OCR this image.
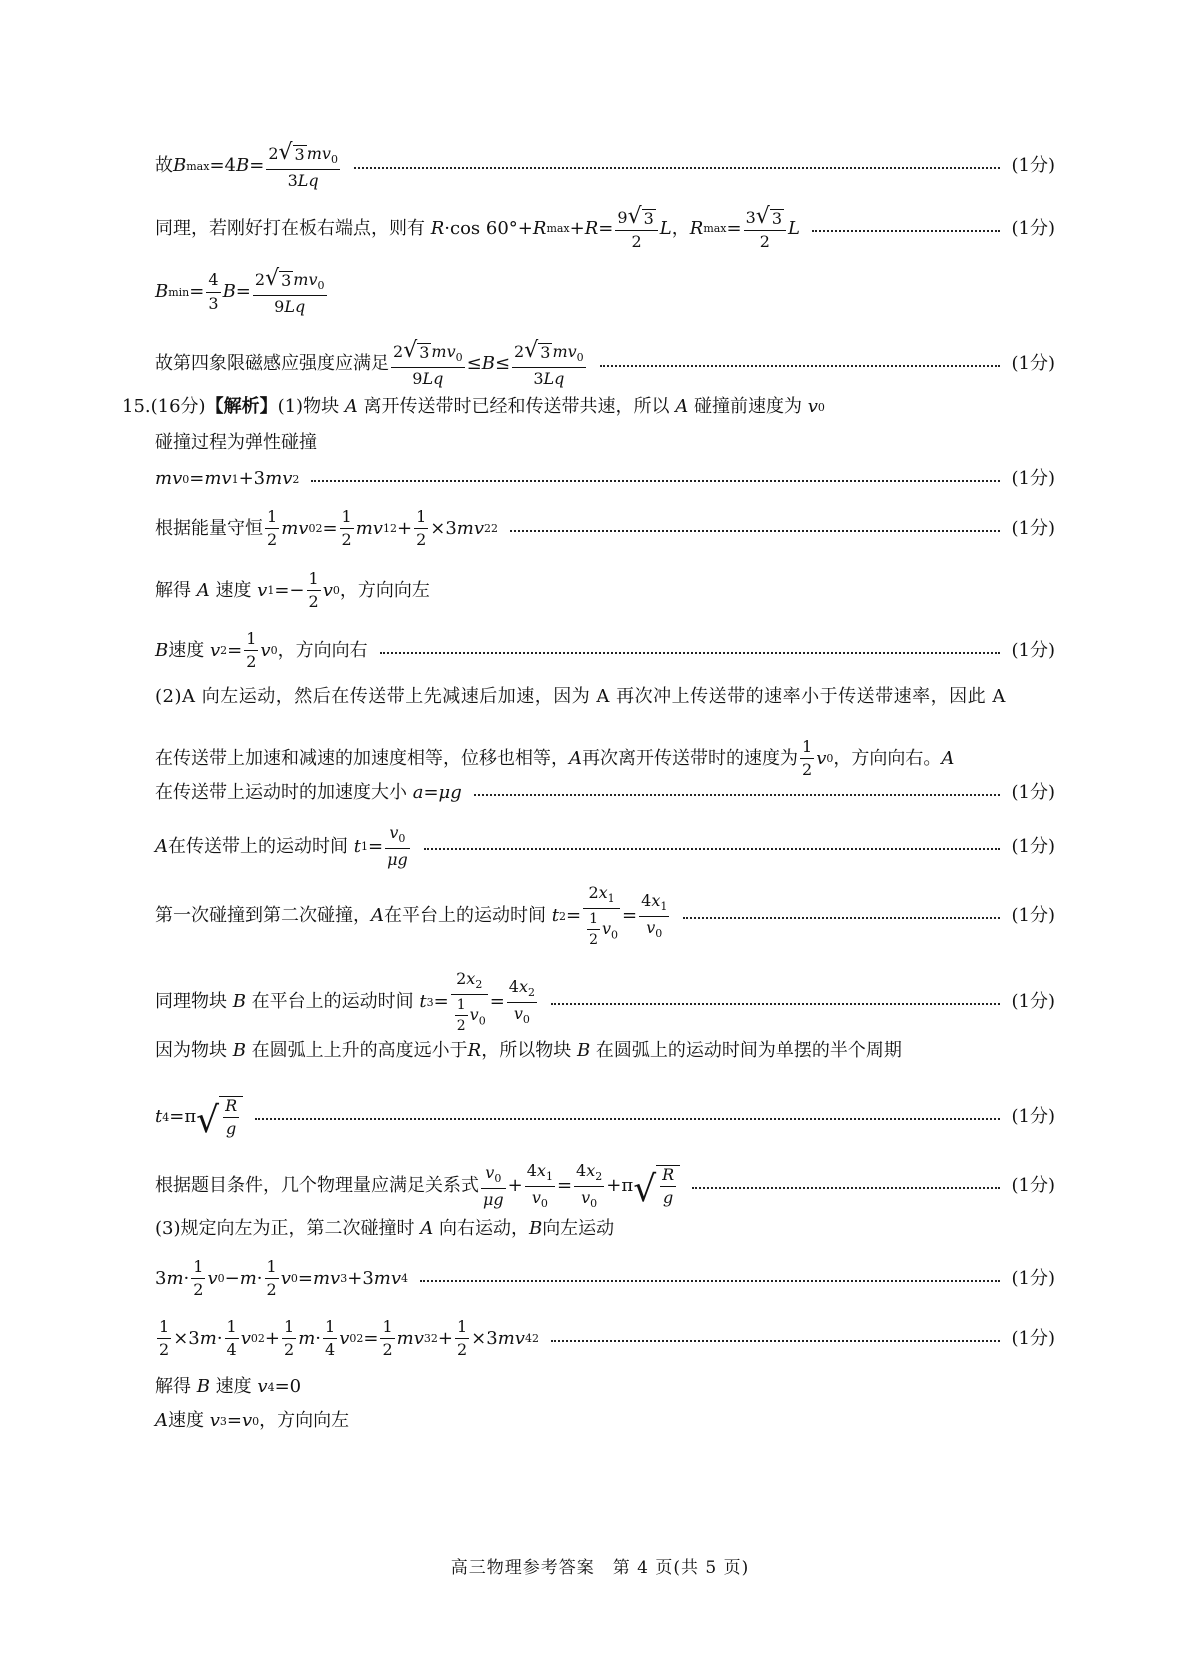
故 B max =4 $B = \frac{2 √ 3 mv_0}{3Lq}$	(1分)
同理，若刚好打在板右端点，则有 R ·cos 60°+ R $\max + R = \frac{9 √ 3}{2}$ L ， R $\max = \frac{3 √ 3}{2}$ L	(1分)
B $\min = \frac{4}{3}$ $B = \frac{2 √ 3 mv_0}{9Lq}$
故第四象限磁感应强度应满足 $\frac{2 √ 3 mv_0}{9Lq} \le B \le \frac{2 √ 3 mv_0}{3Lq}$	(1分)
15.(16分) 【解析】 (1)物块 A 离开传送带时已经和传送带共速，所以 A 碰撞前速度为 v 0
碰撞过程为弹性碰撞
mv 0 = mv 1 +3 mv 2	(1分)
根据能量守恒 $\frac{1}{2}$ mv 0 $2 = \frac{1}{2}$ mv 1 $2 + \frac{1}{2} \times 3$ mv 2 2	(1分)
解得 A 速度 v $1 =- \frac{1}{2}$ v 0 ，方向向左
B 速度 v $2 = \frac{1}{2}$ v 0 ，方向向右	(1分)
(2)A 向左运动，然后在传送带上先减速后加速，因为 A 再次冲上传送带的速率小于传送带速率，因此 A
在传送带上加速和减速的加速度相等，位移也相等， A 再次离开传送带时的速度为 $\frac{1}{2}$ v 0 ，方向向右。 A
在传送带上运动时的加速度大小 a = μg	(1分)
A 在传送带上的运动时间 t $1 = \frac{v_0}{\mu g}$	(1分)
第一次碰撞到第二次碰撞， A 在平台上的运动时间 t $2 = \frac{2x_1}{\frac{1}{2} v_0} = \frac{4x_1}{v_0}$	(1分)
同理物块 B 在平台上的运动时间 t $3 = \frac{2x_2}{\frac{1}{2} v_0} = \frac{4x_2}{v_0}$	(1分)
因为物块 B 在圆弧上上升的高度远小于 R ，所以物块 B 在圆弧上的运动时间为单摆的半个周期
t 4 =π √ $\frac{R}{g}$	(1分)
根据题目条件，几个物理量应满足关系式 $\frac{v_0}{\mu g} + \frac{4x_1}{v_0} = \frac{4x_2}{v_0} +\pi$ √ $\frac{R}{g}$	(1分)
(3)规定向左为正，第二次碰撞时 A 向右运动， B 向左运动
3 $m \cdot \frac{1}{2}$ v $0 - m \cdot \frac{1}{2}$ v 0 = mv 3 +3 mv 4	(1分)
$\frac{1}{2} \times 3$ $m \cdot \frac{1}{4}$ v 0 $2 + \frac{1}{2}$ $m \cdot \frac{1}{4}$ v 0 $2 = \frac{1}{2}$ mv 3 $2 + \frac{1}{2} \times 3$ mv 4 2	(1分)
解得 B 速度 v 4 =0
A 速度 v 3 = v 0 ，方向向左
高三物理参考答案　第 4 页(共 5 页)
